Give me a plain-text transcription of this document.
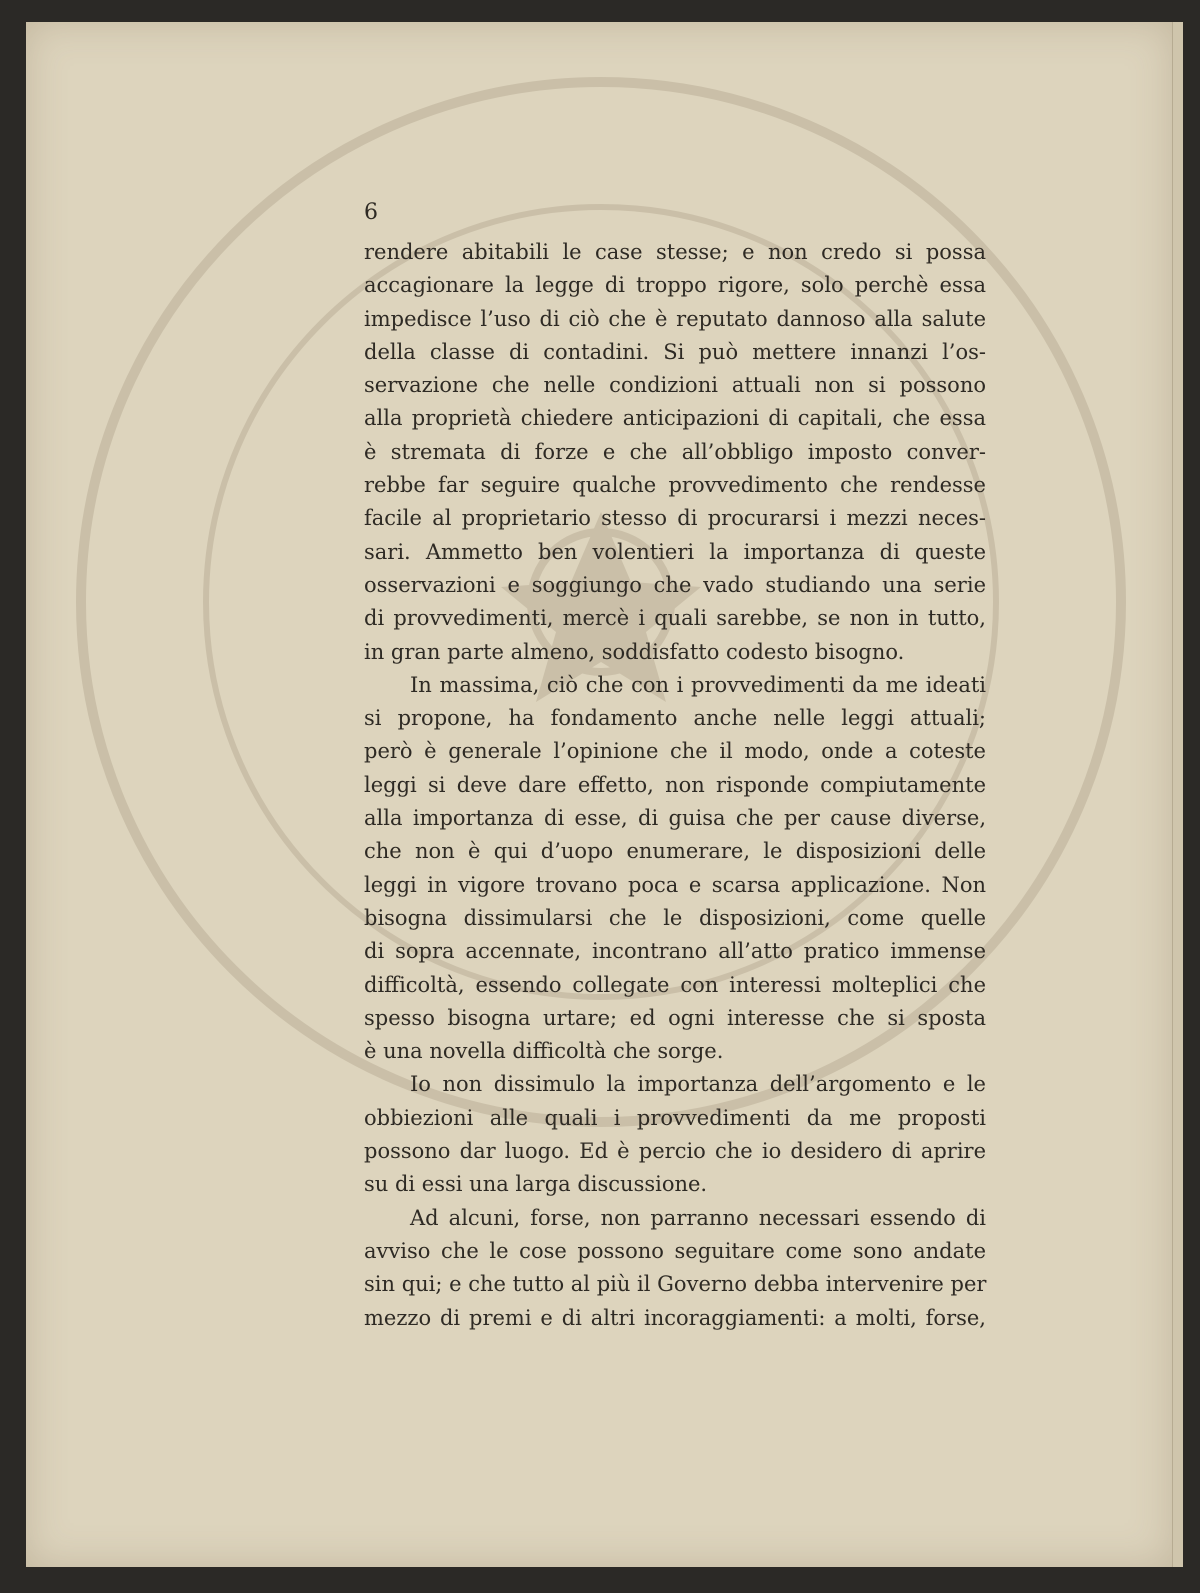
6
rendere abitabili le case stesse; e non credo si possa
accagionare la legge di troppo rigore, solo perchè essa
impedisce l’uso di ciò che è reputato dannoso alla salute
della classe di contadini. Si può mettere innanzi l’os-
servazione che nelle condizioni attuali non si possono
alla proprietà chiedere anticipazioni di capitali, che essa
è stremata di forze e che all’obbligo imposto conver-
rebbe far seguire qualche provvedimento che rendesse
facile al proprietario stesso di procurarsi i mezzi neces-
sari. Ammetto ben volentieri la importanza di queste
osservazioni e soggiungo che vado studiando una serie
di provvedimenti, mercè i quali sarebbe, se non in tutto,
in gran parte almeno, soddisfatto codesto bisogno.
In massima, ciò che con i provvedimenti da me ideati
si propone, ha fondamento anche nelle leggi attuali;
però è generale l’opinione che il modo, onde a coteste
leggi si deve dare effetto, non risponde compiutamente
alla importanza di esse, di guisa che per cause diverse,
che non è qui d’uopo enumerare, le disposizioni delle
leggi in vigore trovano poca e scarsa applicazione. Non
bisogna dissimularsi che le disposizioni, come quelle
di sopra accennate, incontrano all’atto pratico immense
difficoltà, essendo collegate con interessi molteplici che
spesso bisogna urtare; ed ogni interesse che si sposta
è una novella difficoltà che sorge.
Io non dissimulo la importanza dell’argomento e le
obbiezioni alle quali i provvedimenti da me proposti
possono dar luogo. Ed è percio che io desidero di aprire
su di essi una larga discussione.
Ad alcuni, forse, non parranno necessari essendo di
avviso che le cose possono seguitare come sono andate
sin qui; e che tutto al più il Governo debba intervenire per
mezzo di premi e di altri incoraggiamenti: a molti, forse,
